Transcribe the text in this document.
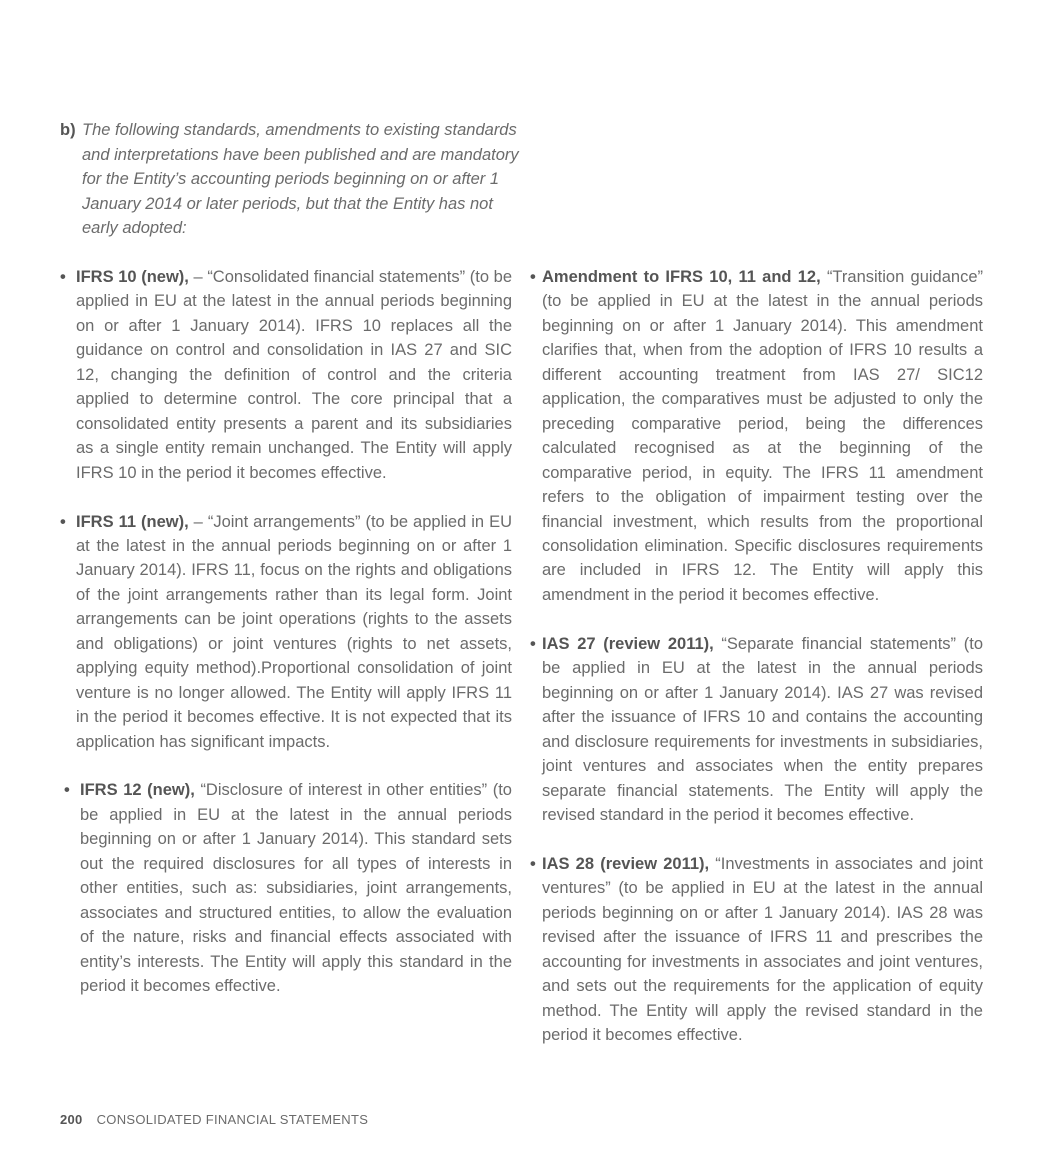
b) The following standards, amendments to existing standards and interpretations have been published and are mandatory for the Entity’s accounting periods beginning on or after 1 January 2014 or later periods, but that the Entity has not early adopted:
• IFRS 10 (new), – “Consolidated financial statements” (to be applied in EU at the latest in the annual periods beginning on or after 1 January 2014). IFRS 10 replaces all the guidance on control and consolidation in IAS 27 and SIC 12, changing the definition of control and the criteria applied to determine control. The core principal that a consolidated entity presents a parent and its subsidiaries as a single entity remain unchanged. The Entity will apply IFRS 10 in the period it becomes effective.
• IFRS 11 (new), – “Joint arrangements” (to be applied in EU at the latest in the annual periods beginning on or after 1 January 2014). IFRS 11, focus on the rights and obligations of the joint arrangements rather than its legal form. Joint arrangements can be joint operations (rights to the assets and obligations) or joint ventures (rights to net assets, applying equity method).Proportional consolidation of joint venture is no longer allowed. The Entity will apply IFRS 11 in the period it becomes effective. It is not expected that its application has significant impacts.
• IFRS 12 (new), “Disclosure of interest in other entities” (to be applied in EU at the latest in the annual periods beginning on or after 1 January 2014). This standard sets out the required disclosures for all types of interests in other entities, such as: subsidiaries, joint arrangements, associates and structured entities, to allow the evaluation of the nature, risks and financial effects associated with entity’s interests. The Entity will apply this standard in the period it becomes effective.
• Amendment to IFRS 10, 11 and 12, “Transition guidance” (to be applied in EU at the latest in the annual periods beginning on or after 1 January 2014). This amendment clarifies that, when from the adoption of IFRS 10 results a different accounting treatment from IAS 27/ SIC12 application, the comparatives must be adjusted to only the preceding comparative period, being the differences calculated recognised as at the beginning of the comparative period, in equity. The IFRS 11 amendment refers to the obligation of impairment testing over the financial investment, which results from the proportional consolidation elimination. Specific disclosures requirements are included in IFRS 12. The Entity will apply this amendment in the period it becomes effective.
• IAS 27 (review 2011), “Separate financial statements” (to be applied in EU at the latest in the annual periods beginning on or after 1 January 2014). IAS 27 was revised after the issuance of IFRS 10 and contains the accounting and disclosure requirements for investments in subsidiaries, joint ventures and associates when the entity prepares separate financial statements. The Entity will apply the revised standard in the period it becomes effective.
• IAS 28 (review 2011), “Investments in associates and joint ventures” (to be applied in EU at the latest in the annual periods beginning on or after 1 January 2014). IAS 28 was revised after the issuance of IFRS 11 and prescribes the accounting for investments in associates and joint ventures, and sets out the requirements for the application of equity method. The Entity will apply the revised standard in the period it becomes effective.
200 CONSOLIDATED FINANCIAL STATEMENTS
